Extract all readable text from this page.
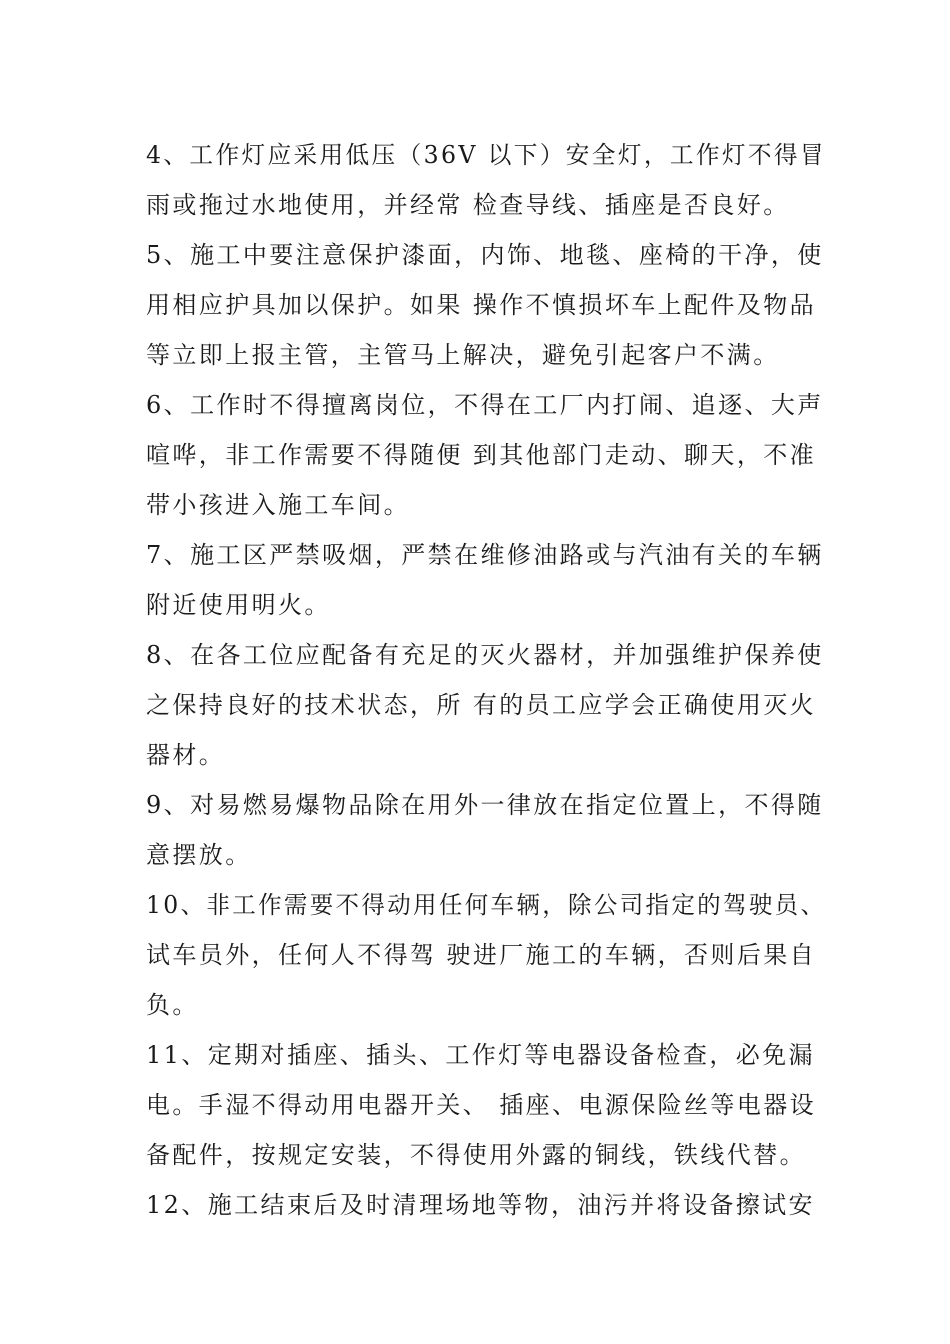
4、工作灯应采用低压（36V 以下）安全灯，工作灯不得冒
雨或拖过水地使用，并经常 检查导线、插座是否良好。
5、施工中要注意保护漆面，内饰、地毯、座椅的干净，使
用相应护具加以保护。如果 操作不慎损坏车上配件及物品
等立即上报主管，主管马上解决，避免引起客户不满。
6、工作时不得擅离岗位，不得在工厂内打闹、追逐、大声
喧哗，非工作需要不得随便 到其他部门走动、聊天，不准
带小孩进入施工车间。
7、施工区严禁吸烟，严禁在维修油路或与汽油有关的车辆
附近使用明火。
8、在各工位应配备有充足的灭火器材，并加强维护保养使
之保持良好的技术状态，所 有的员工应学会正确使用灭火
器材。
9、对易燃易爆物品除在用外一律放在指定位置上，不得随
意摆放。
10、非工作需要不得动用任何车辆，除公司指定的驾驶员、
试车员外，任何人不得驾 驶进厂施工的车辆，否则后果自
负。
11、定期对插座、插头、工作灯等电器设备检查，必免漏
电。手湿不得动用电器开关、 插座、电源保险丝等电器设
备配件，按规定安装，不得使用外露的铜线，铁线代替。
12、施工结束后及时清理场地等物，油污并将设备擦试安
